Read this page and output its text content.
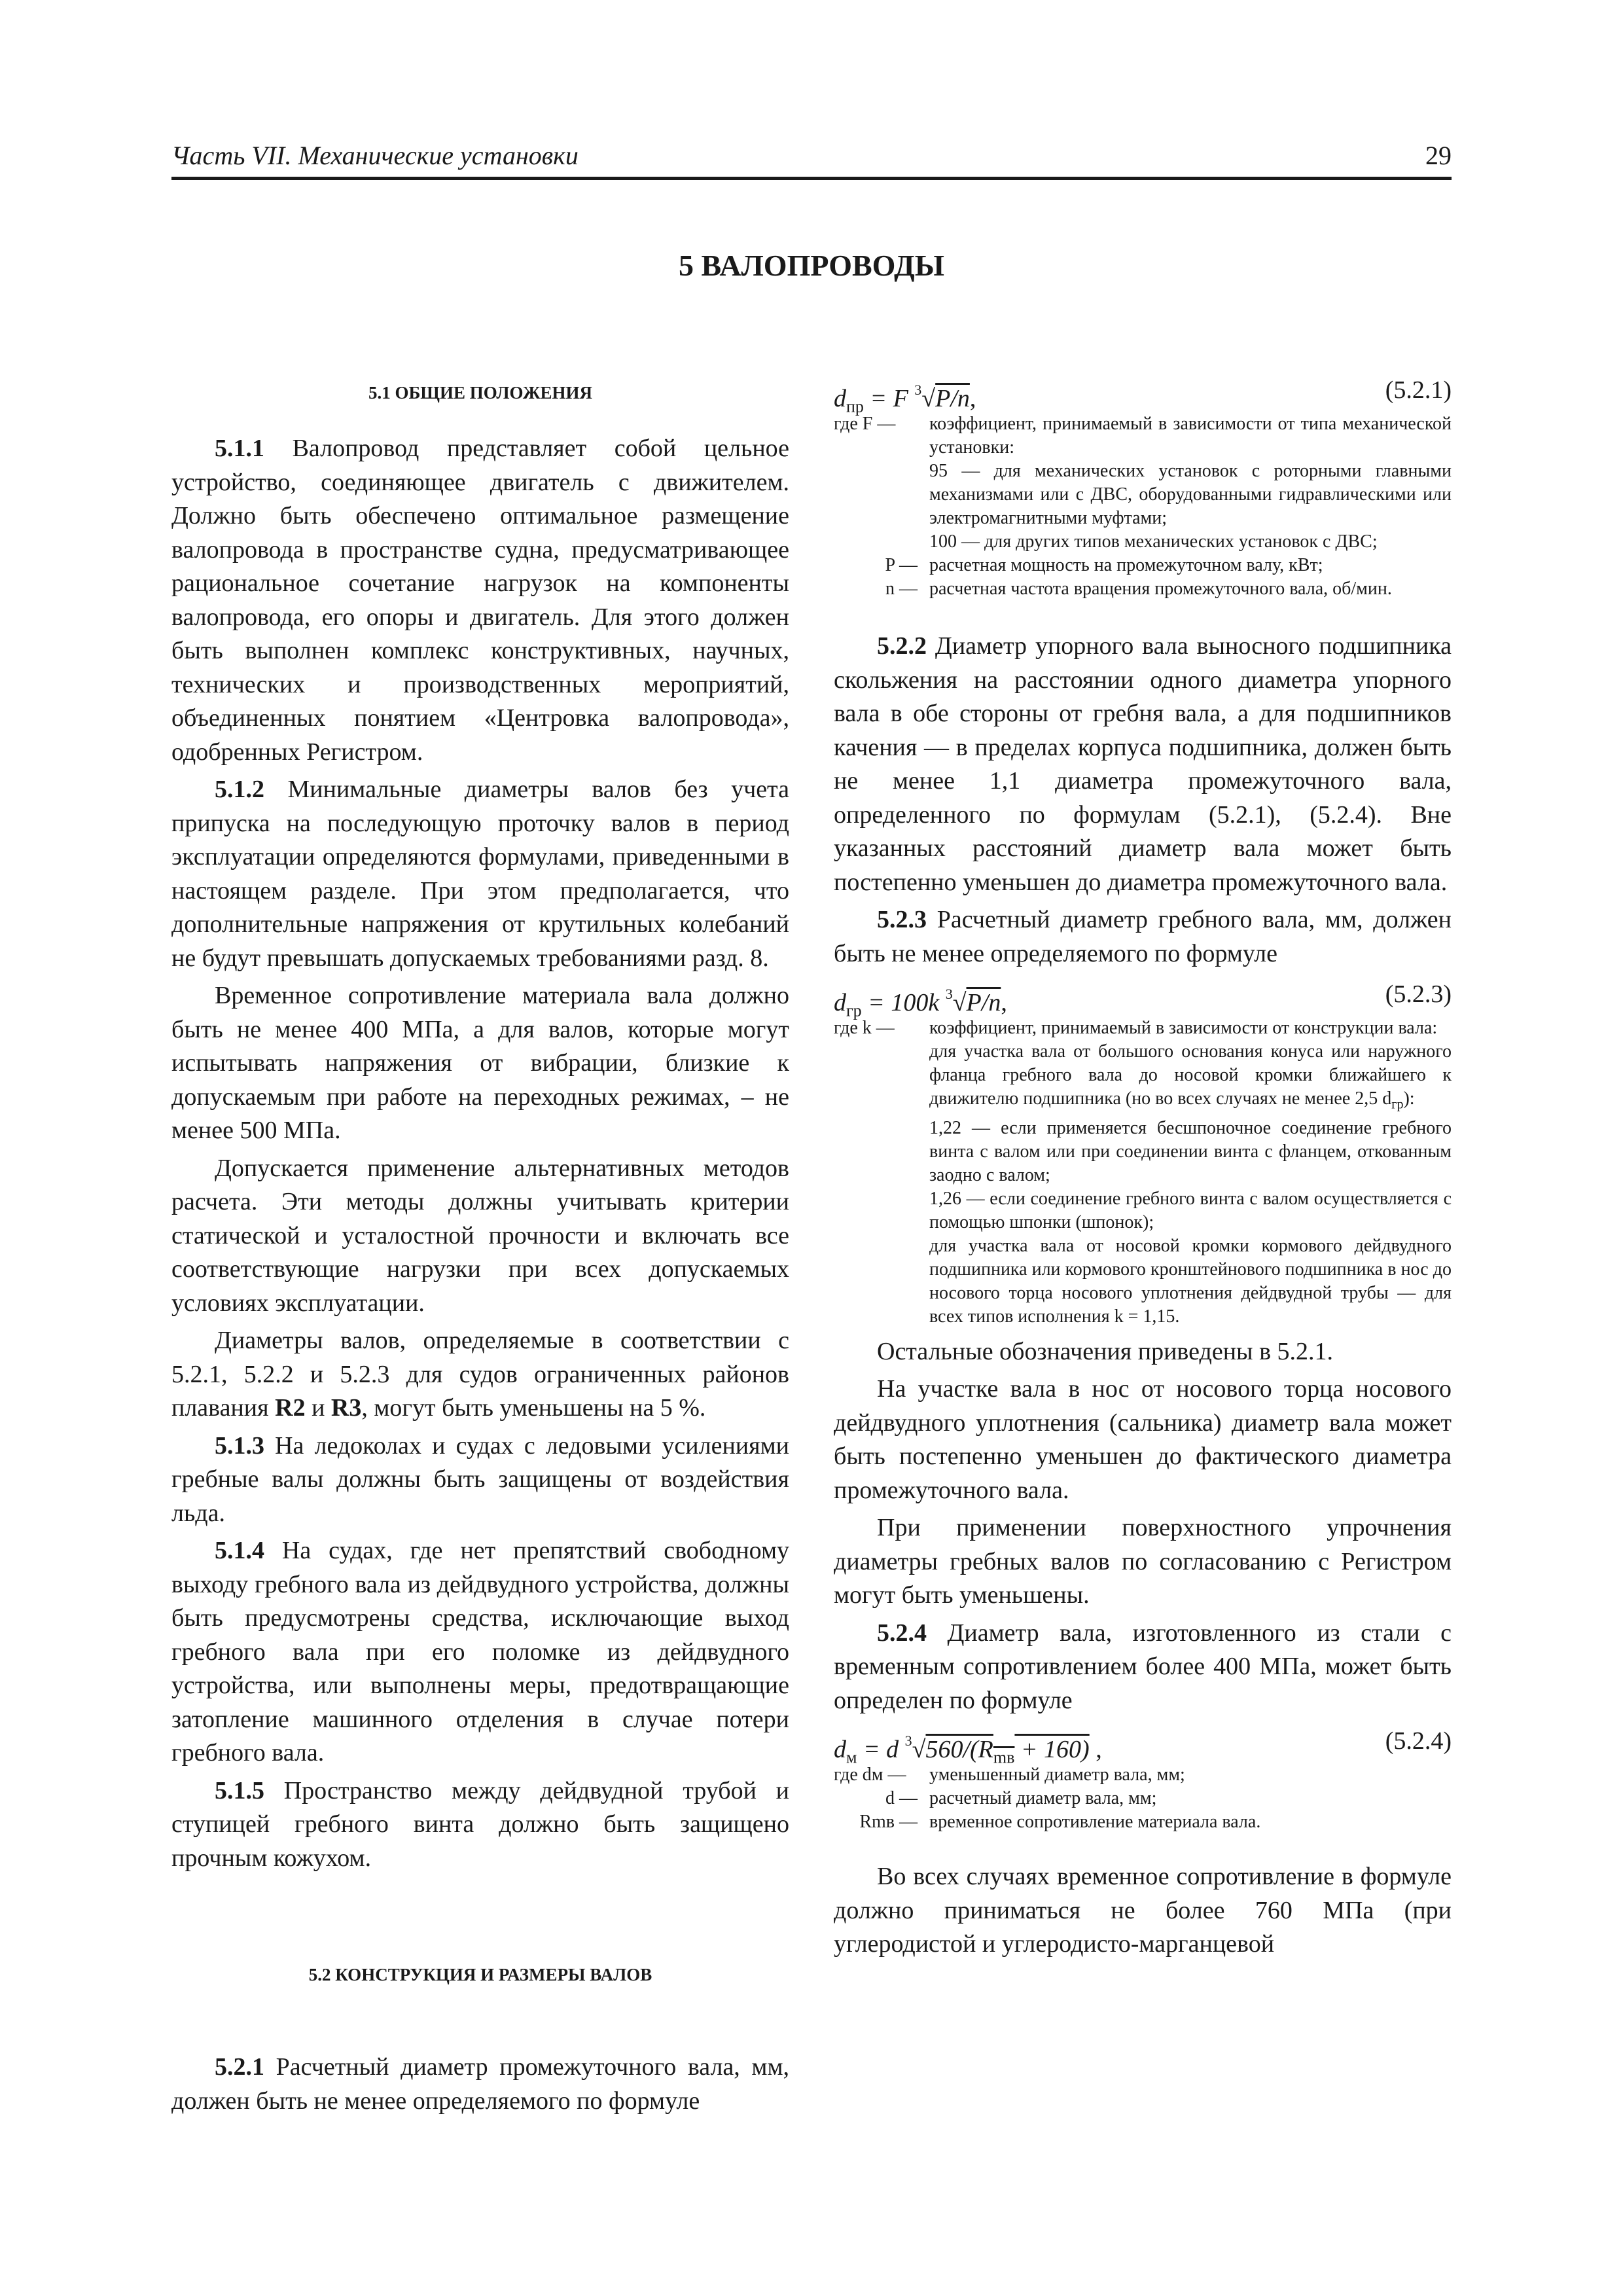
Часть VII. Механические установки	29
5 ВАЛОПРОВОДЫ
5.1 ОБЩИЕ ПОЛОЖЕНИЯ

5.1.1 Валопровод представляет собой цельное устройство, соединяющее двигатель с движителем. Должно быть обеспечено оптимальное размещение валопровода в пространстве судна, предусматривающее рациональное сочетание нагрузок на компоненты валопровода, его опоры и двигатель. Для этого должен быть выполнен комплекс конструктивных, научных, технических и производственных мероприятий, объединенных понятием «Центровка валопровода», одобренных Регистром.

5.1.2 Минимальные диаметры валов без учета припуска на последующую проточку валов в период эксплуатации определяются формулами, приведенными в настоящем разделе. При этом предполагается, что дополнительные напряжения от крутильных колебаний не будут превышать допускаемых требованиями разд. 8.

Временное сопротивление материала вала должно быть не менее 400 МПа, а для валов, которые могут испытывать напряжения от вибрации, близкие к допускаемым при работе на переходных режимах, – не менее 500 МПа.

Допускается применение альтернативных методов расчета. Эти методы должны учитывать критерии статической и усталостной прочности и включать все соответствующие нагрузки при всех допускаемых условиях эксплуатации.

Диаметры валов, определяемые в соответствии с 5.2.1, 5.2.2 и 5.2.3 для судов ограниченных районов плавания R2 и R3, могут быть уменьшены на 5 %.

5.1.3 На ледоколах и судах с ледовыми усилениями гребные валы должны быть защищены от воздействия льда.

5.1.4 На судах, где нет препятствий свободному выходу гребного вала из дейдвудного устройства, должны быть предусмотрены средства, исключающие выход гребного вала при его поломке из дейдвудного устройства, или выполнены меры, предотвращающие затопление машинного отделения в случае потери гребного вала.

5.1.5 Пространство между дейдвудной трубой и ступицей гребного винта должно быть защищено прочным кожухом.

5.2 КОНСТРУКЦИЯ И РАЗМЕРЫ ВАЛОВ

5.2.1 Расчетный диаметр промежуточного вала, мм, должен быть не менее определяемого по формуле

$d_{пр} = F$ $^3$√P/n,	(5.2.1)

где F —	коэффициент, принимаемый в зависимости от типа механической установки:

95 — для механических установок с роторными главными механизмами или с ДВС, оборудованными гидравлическими или электромагнитными муфтами;

100 — для других типов механических установок с ДВС;

P — расчетная мощность на промежуточном валу, кВт;

n — расчетная частота вращения промежуточного вала, об/мин.

5.2.2 Диаметр упорного вала выносного подшипника скольжения на расстоянии одного диаметра упорного вала в обе стороны от гребня вала, а для подшипников качения — в пределах корпуса подшипника, должен быть не менее 1,1 диаметра промежуточного вала, определенного по формулам (5.2.1), (5.2.4). Вне указанных расстояний диаметр вала может быть постепенно уменьшен до диаметра промежуточного вала.

5.2.3 Расчетный диаметр гребного вала, мм, должен быть не менее определяемого по формуле

$d_{гр} = 100k$ $^3$√P/n,	(5.2.3)

где k —	коэффициент, принимаемый в зависимости от конструкции вала:

для участка вала от большого основания конуса или наружного фланца гребного вала до носовой кромки ближайшего к движителю подшипника (но во всех случаях не менее 2,5 $d_{гр}$):

1,22 — если применяется бесшпоночное соединение гребного винта с валом или при соединении винта с фланцем, откованным заодно с валом;

1,26 — если соединение гребного винта с валом осуществляется с помощью шпонки (шпонок);

для участка вала от носовой кромки кормового дейдвудного подшипника или кормового кронштейнового подшипника в нос до носового торца носового уплотнения дейдвудной трубы — для всех типов исполнения k = 1,15.

Остальные обозначения приведены в 5.2.1.

На участке вала в нос от носового торца носового дейдвудного уплотнения (сальника) диаметр вала может быть постепенно уменьшен до фактического диаметра промежуточного вала.

При применении поверхностного упрочнения диаметры гребных валов по согласованию с Регистром могут быть уменьшены.

5.2.4 Диаметр вала, изготовленного из стали с временным сопротивлением более 400 МПа, может быть определен по формуле

$d_м = d$ $^3√560/(R_{mв} + 160)$ ,	(5.2.4)

где dм —	уменьшенный диаметр вала, мм;

d — расчетный диаметр вала, мм;

Rmв — временное сопротивление материала вала.

Во всех случаях временное сопротивление в формуле должно приниматься не более 760 МПа (при углеродистой и углеродисто-марганцевой
